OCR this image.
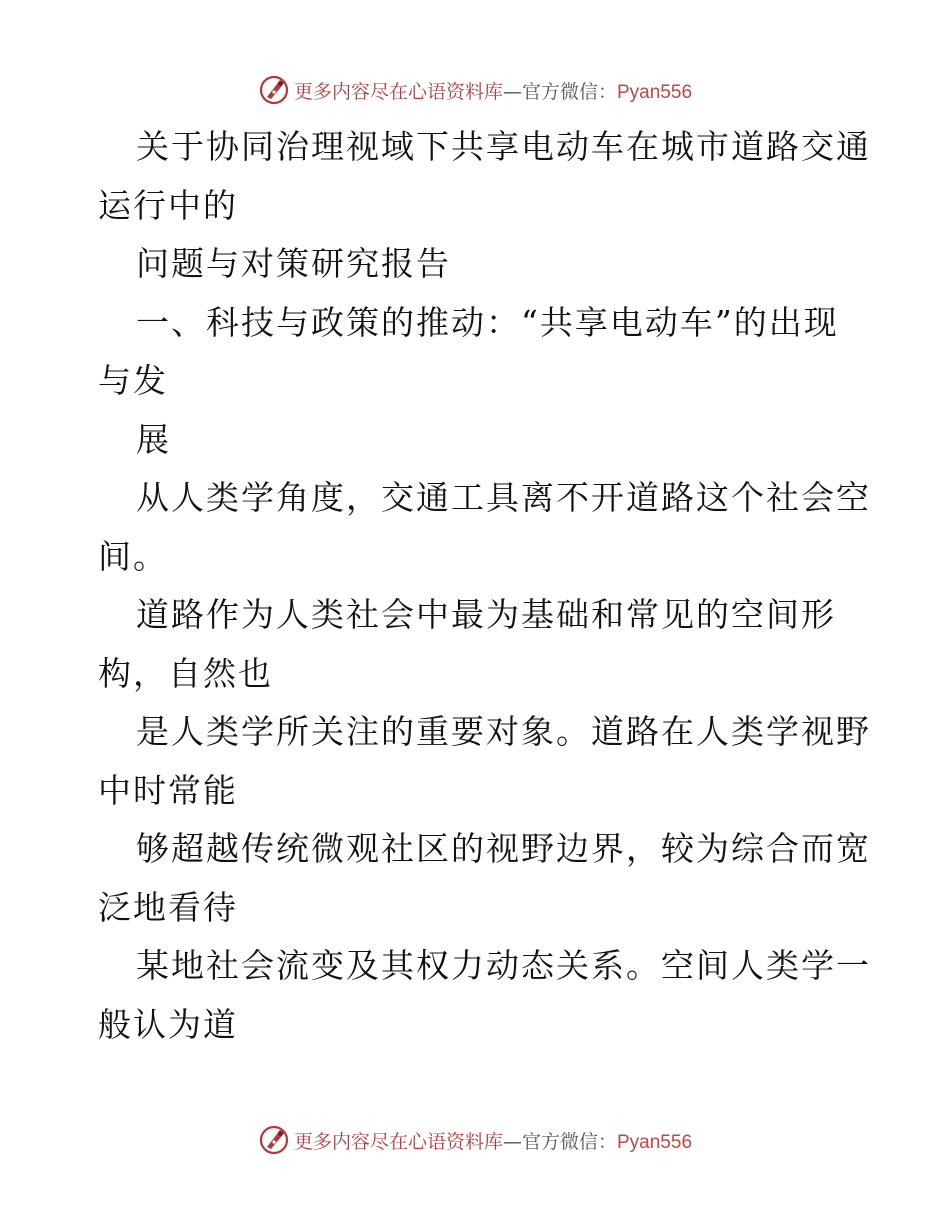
更多内容尽在心语资料库—官方微信：Pyan556
关于协同治理视域下共享电动车在城市道路交通
运行中的
问题与对策研究报告
一、科技与政策的推动：“共享电动车”的出现
与发
展
从人类学角度，交通工具离不开道路这个社会空
间。
道路作为人类社会中最为基础和常见的空间形
构，自然也
是人类学所关注的重要对象。道路在人类学视野
中时常能
够超越传统微观社区的视野边界，较为综合而宽
泛地看待
某地社会流变及其权力动态关系。空间人类学一
般认为道
更多内容尽在心语资料库—官方微信：Pyan556
